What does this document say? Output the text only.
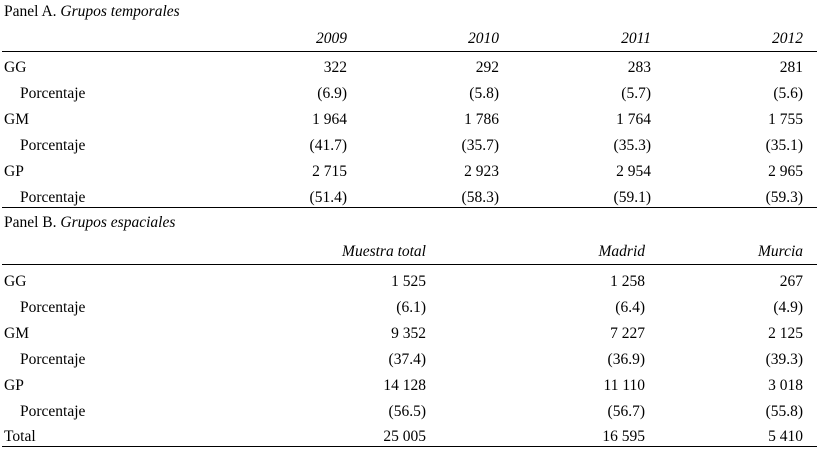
Panel A. Grupos temporales				
	2009	2010	2011	2012
GG	322	292	283	281
Porcentaje	(6.9)	(5.8)	(5.7)	(5.6)
GM	1 964	1 786	1 764	1 755
Porcentaje	(41.7)	(35.7)	(35.3)	(35.1)
GP	2 715	2 923	2 954	2 965
Porcentaje	(51.4)	(58.3)	(59.1)	(59.3)
Panel B. Grupos espaciales			
	Muestra total	Madrid	Murcia
GG	1 525	1 258	267
Porcentaje	(6.1)	(6.4)	(4.9)
GM	9 352	7 227	2 125
Porcentaje	(37.4)	(36.9)	(39.3)
GP	14 128	11 110	3 018
Porcentaje	(56.5)	(56.7)	(55.8)
Total	25 005	16 595	5 410
